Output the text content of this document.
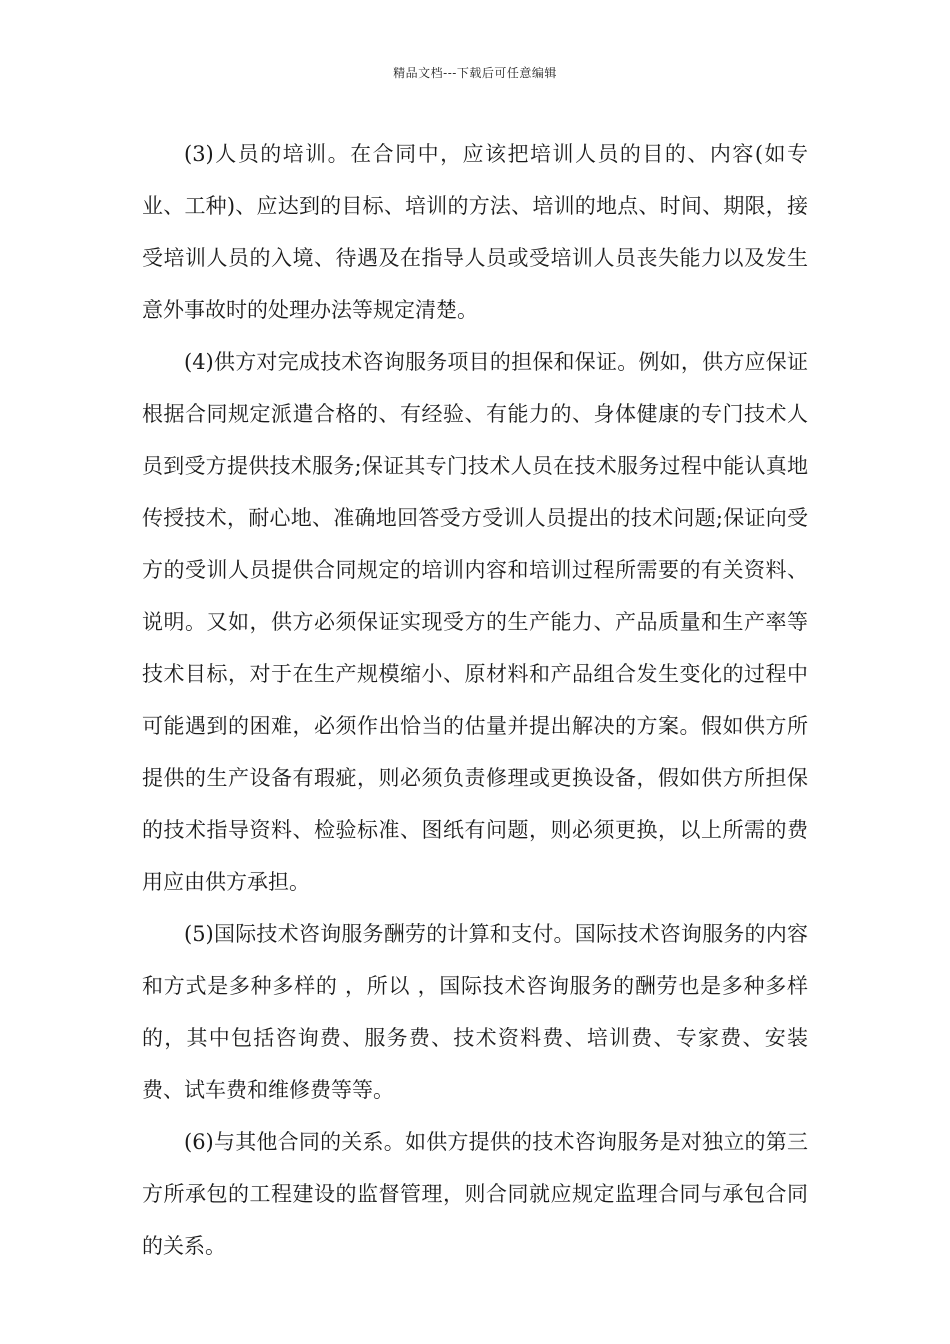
精品文档---下载后可任意编辑

(3)人员的培训。在合同中，应该把培训人员的目的、内容(如专业、工种)、应达到的目标、培训的方法、培训的地点、时间、期限，接受培训人员的入境、待遇及在指导人员或受培训人员丧失能力以及发生意外事故时的处理办法等规定清楚。

(4)供方对完成技术咨询服务项目的担保和保证。例如，供方应保证根据合同规定派遣合格的、有经验、有能力的、身体健康的专门技术人员到受方提供技术服务;保证其专门技术人员在技术服务过程中能认真地传授技术，耐心地、准确地回答受方受训人员提出的技术问题;保证向受方的受训人员提供合同规定的培训内容和培训过程所需要的有关资料、说明。又如，供方必须保证实现受方的生产能力、产品质量和生产率等技术目标，对于在生产规模缩小、原材料和产品组合发生变化的过程中可能遇到的困难，必须作出恰当的估量并提出解决的方案。假如供方所提供的生产设备有瑕疵，则必须负责修理或更换设备，假如供方所担保的技术指导资料、检验标准、图纸有问题，则必须更换，以上所需的费用应由供方承担。

(5)国际技术咨询服务酬劳的计算和支付。国际技术咨询服务的内容和方式是多种多样的 ，所以 ，国际技术咨询服务的酬劳也是多种多样的，其中包括咨询费、服务费、技术资料费、培训费、专家费、安装费、试车费和维修费等等。

(6)与其他合同的关系。如供方提供的技术咨询服务是对独立的第三方所承包的工程建设的监督管理，则合同就应规定监理合同与承包合同的关系。
